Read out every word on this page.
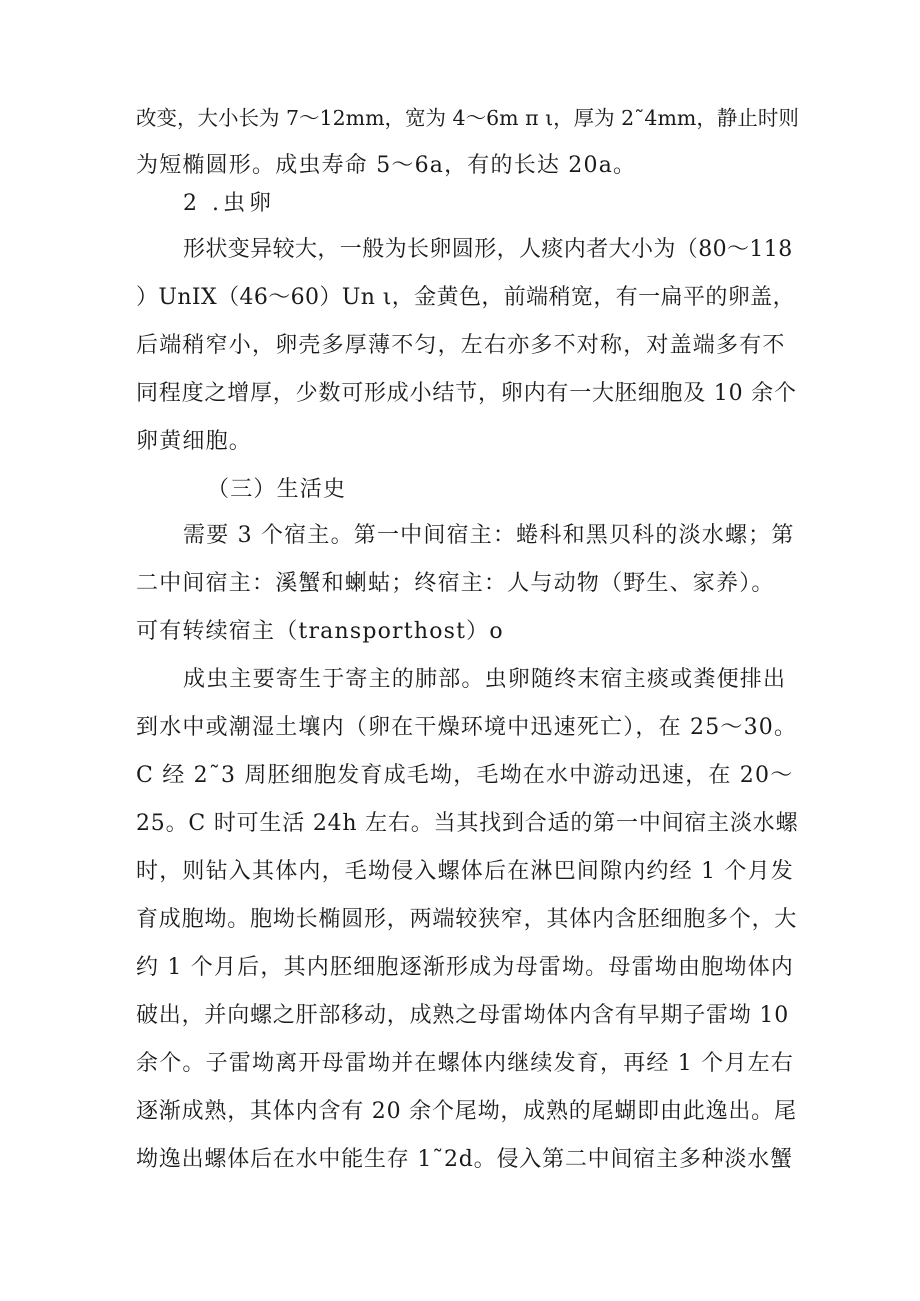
改变，大小长为 7～12mm，宽为 4～6m π ι，厚为 2˜4mm，静止时则
为短椭圆形。成虫寿命 5～6a，有的长达 20a。
2 .虫卵
形状变异较大，一般为长卵圆形，人痰内者大小为（80～118
）UnIX（46～60）Un ι，金黄色，前端稍宽，有一扁平的卵盖，
后端稍窄小，卵壳多厚薄不匀，左右亦多不对称，对盖端多有不
同程度之增厚，少数可形成小结节，卵内有一大胚细胞及 10 余个
卵黄细胞。
（三）生活史
需要 3 个宿主。第一中间宿主：蜷科和黑贝科的淡水螺；第
二中间宿主：溪蟹和蝲蛄；终宿主：人与动物（野生、家养）。
可有转续宿主（transporthost）o
成虫主要寄生于寄主的肺部。虫卵随终末宿主痰或粪便排出
到水中或潮湿土壤内（卵在干燥环境中迅速死亡），在 25～30。
C 经 2˜3 周胚细胞发育成毛坳，毛坳在水中游动迅速，在 20～
25。C 时可生活 24h 左右。当其找到合适的第一中间宿主淡水螺
时，则钻入其体内，毛坳侵入螺体后在淋巴间隙内约经 1 个月发
育成胞坳。胞坳长椭圆形，两端较狭窄，其体内含胚细胞多个，大
约 1 个月后，其内胚细胞逐渐形成为母雷坳。母雷坳由胞坳体内
破出，并向螺之肝部移动，成熟之母雷坳体内含有早期子雷坳 10
余个。子雷坳离开母雷坳并在螺体内继续发育，再经 1 个月左右
逐渐成熟，其体内含有 20 余个尾坳，成熟的尾蝴即由此逸出。尾
坳逸出螺体后在水中能生存 1˜2d。侵入第二中间宿主多种淡水蟹
